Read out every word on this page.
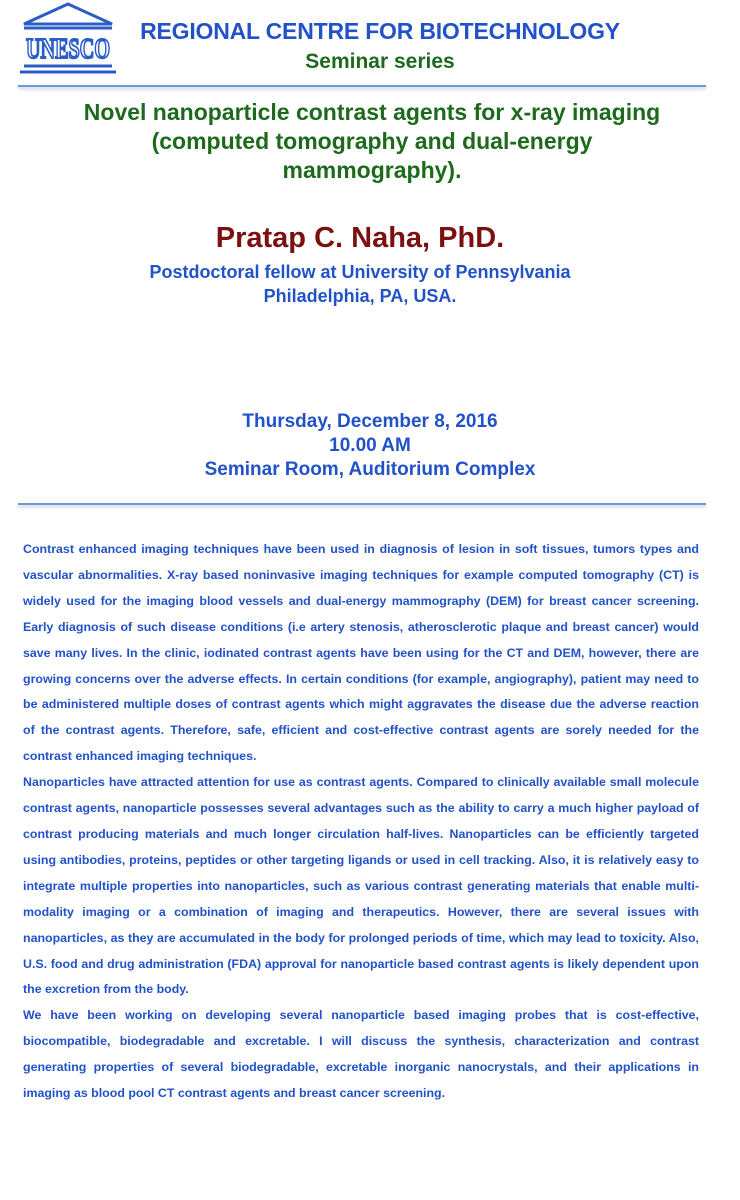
UNESCO
REGIONAL CENTRE FOR BIOTECHNOLOGY
Seminar series
Novel nanoparticle contrast agents for x-ray imaging
(computed tomography and dual-energy
mammography).
Pratap C. Naha, PhD.
Postdoctoral fellow at University of Pennsylvania
Philadelphia, PA, USA.
Thursday, December 8, 2016
10.00 AM
Seminar Room, Auditorium Complex

Contrast enhanced imaging techniques have been used in diagnosis of lesion in soft tissues, tumors types and vascular abnormalities. X-ray based noninvasive imaging techniques for example computed tomography (CT) is widely used for the imaging blood vessels and dual-energy mammography (DEM) for breast cancer screening. Early diagnosis of such disease conditions (i.e artery stenosis, atherosclerotic plaque and breast cancer) would save many lives. In the clinic, iodinated contrast agents have been using for the CT and DEM, however, there are growing concerns over the adverse effects. In certain conditions (for example, angiography), patient may need to be administered multiple doses of contrast agents which might aggravates the disease due the adverse reaction of the contrast agents. Therefore, safe, efficient and cost-effective contrast agents are sorely needed for the contrast enhanced imaging techniques.

Nanoparticles have attracted attention for use as contrast agents. Compared to clinically available small molecule contrast agents, nanoparticle possesses several advantages such as the ability to carry a much higher payload of contrast producing materials and much longer circulation half-lives. Nanoparticles can be efficiently targeted using antibodies, proteins, peptides or other targeting ligands or used in cell tracking. Also, it is relatively easy to integrate multiple properties into nanoparticles, such as various contrast generating materials that enable multi-modality imaging or a combination of imaging and therapeutics. However, there are several issues with nanoparticles, as they are accumulated in the body for prolonged periods of time, which may lead to toxicity. Also, U.S. food and drug administration (FDA) approval for nanoparticle based contrast agents is likely dependent upon the excretion from the body.

We have been working on developing several nanoparticle based imaging probes that is cost-effective, biocompatible, biodegradable and excretable. I will discuss the synthesis, characterization and contrast generating properties of several biodegradable, excretable inorganic nanocrystals, and their applications in imaging as blood pool CT contrast agents and breast cancer screening.
